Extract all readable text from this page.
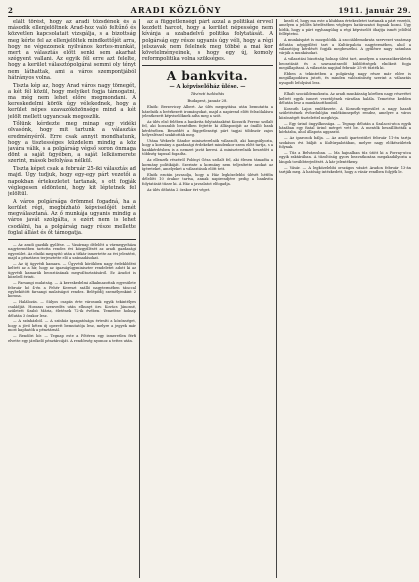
2	ARADI KÖZLÖNY	1911. január 29.

elált törést, hogy az aradi tőzsdének és a második ellenjelöltnek Arad-hoz való feltűnő és közvetlen kapcsolatait vizsgálja, s a bizottság meg kérte fel az ellenjelöltek mindkettőjét arra, hogy ne végezzenek nyilvános kortes-munkát, mert a választás előtt senki sem akarhat szégyent vallani. Az egyik fél erre azt felelte, hogy a kerület választópolgárai semmi oly tényt nem láthattak, ami a város szempontjából hátrányos volna.

Tiszta kép az, hogy Arad város nagy tömegét, a két fél közül, hogy melyiket fogja támogatni, ma még nem lehet előre megmondani. A kereskedelmi körök úgy vélekednek, hogy a kerület népes szavazóközönsége mind a két jelölt mellett ugyancsak megoszlik.

Tőlünk kérdezte meg minap egy vidéki olvasónk, hogy mit tartunk a választás eredményéről. Erre csak annyit mondhatunk, hogy a tisztességes küzdelem mindig a köz javára válik, s a polgárság végső soron önmaga dönt a saját ügyében, a saját lelkiismerete szerint, mások befolyása nélkül.

Tiszta képet csak a február 25-iki választás ad majd. Úgy tudjuk, hogy egy-egy párt vezetői a napokban értekezletet tartanak, s ott fogják véglegesen eldönteni, hogy kit léptetnek fel jelöltül.

A város polgársága örömmel fogadná, ha a kerület régi, megbízható képviselőjét ismét megválasztaná. Az ő munkája ugyanis mindig a város javát szolgálta, s ezért nem is lehet csodálni, ha a polgárság nagy része mellette foglal állást és őt támogatja.

— Az aradi gazdák gyűlése. — Vasárnap délelőtt a vármegyeháza nagytermében tartotta rendes évi közgyűlését az aradi gazdasági egyesület. Az elnöki megnyitó után a titkár ismertette az évi jelentést, majd a pénztáros terjesztette elő a számadásokat.

— Az új ügyvédi kamara. — Ügyvédi körökben nagy érdeklődést keltett az a hír, hogy az igazságügyminiszter rendeletet adott ki az ügyvédi kamarák beosztásának megváltoztatásáról. Ez Aradot is közelről érinti.

— Farsangi mulatság. — A kereskedelmi alkalmazottak egyesülete február hó 4-én a Fehér Kereszt szálló nagytermében tánccal egybekötött farsangi mulatságot rendez. Belépődíj személyenkint 2 korona.

— Halálozás. — Súlyos csapás érte városunk egyik tekintélyes családját. Hosszas szenvedés után elhunyt özv. Kovács Jánosné, született Szabó Mária, életének 72-ik évében. Temetése holnap délután 3 órakor lesz.

— A színházból. — A színház igazgatósága értesíti a közönséget, hogy a jövő héten új operett bemutatója lesz, melyre a jegyek már most kaphatók a pénztárnál.

— Rendőri hír. — Tegnap este a Főtéren egy ismeretlen férfi elvette egy járókelő pénztárcáját. A rendőrség nyomoz a tettes után.

az a függetlenségi párt azzal a politikai érvvel kezdett harcot, hogy a kerület népessége nem kívánja a szabadelvű politika folytatását. A polgárság egy része ugyanis úgy véli, hogy a régi jelszavak nem felelnek meg többé a mai kor követelményeinek, s hogy egy új, komoly reformpolitika volna szükséges.

A bankvita.
— A képviselőház ülése. —
Távirati tudósítás
Budapest, január 28.

Elnök: Berzeviczy Albert. Az ülés megnyitása után bemutatta a házelnök a beérkezett irományokat, majd a napirend előtt felszólalásra jelentkezett képviselőknek adta meg a szót.

Az ülés első felében a bankvita folytatásaként Kossuth Ferenc szólalt fel, aki hosszabb beszédben fejtette ki álláspontját az önálló bank kérdésében. Beszédét a függetlenségi párt tagjai többször zajos helyesléssel szakították meg.

Utána Wekerle Sándor miniszterelnök válaszolt, aki hangsúlyozta, hogy a kormány a gazdasági érdekeket mindenkor szem előtt tartja, s a bankkérdésben is a nemzet javát keresi. A miniszterelnök beszédét a többség tapssal fogadta.

Az ellenzék részéről Polónyi Géza szólalt fel, aki élesen támadta a kormány politikáját. Szerinte a kormány nem teljesítette azokat az ígéreteket, amelyeket a választások előtt tett.

Elnök ezután javasolja, hogy a Ház legközelebbi ülését hétfőn délelőtt 10 órakor tartsa, annak napirendjére pedig a bankvita folytatását tűzze ki. A Ház a javaslatot elfogadja.

Az ülés délután 2 órakor ért véget.

kezdi el, hogy ma este a klubban értekezletet tartanak a párt vezetői, amelyen a jelölés kérdésében végleges határozatot fognak hozni. Úgy hírlik, hogy a párt egyhangúlag a régi képviselőt óhajtja ismét jelöltül felléptetni.

A munkáspárt is mozgolódik. A szociáldemokrata szervezet vasárnap délután népgyűlést tart a Kultúrpalota nagytermében, ahol a választójog kérdését fogják megbeszélni. A gyűlésre nagy számban várják a munkásokat.

A választási bizottság holnap ülést tart, amelyen a szavazókerületek beosztását és a szavazatszedő küldöttségek elnökeit fogja megállapítani. A választás napjául február 25-ét tűzték ki.

Ebben a tekintetben a polgárság nagy része már előre is megállapodásra jutott, és minden valószínűség szerint a választás nyugodt lefolyású lesz.

Elhalt szociáldemokrata. Az aradi munkásság körében nagy részvétet keltett egyik ismert vezetőjének váratlan halála. Temetése kedden délután lesz a munkásotthonból.

Kossuth Lajos emlékezete. A Kossuth-egyesület a nagy hazafi születésének évfordulóján emlékünnepélyt rendez, amelyre a város közönségét tisztelettel meghívja.

— Egy úrinő öngyilkossága. — Tegnap délután a Szalacsi-utca egyik házában egy fiatal úrinő mérget vett be. A mentők beszállították a kórházba, ahol állapota aggasztó.

— Az iparosok bálja. — Az aradi ipartestület február 11-én tartja szokásos évi bálját a Kultúrpalotában, melyre nagy előkészületek folynak.

— Tűz a Belvárosban. — Ma hajnalban tűz ütött ki a Forray-utca egyik raktárában. A tűzoltóság gyors beavatkozása megakadályozta a lángok továbbterjedését. A kár jelentékeny.

— Vásár. — A legközelebbi országos vásárt Aradon február 13-án tartják meg. A hatóság intézkedett, hogy a vásár rendben folyjék le.
